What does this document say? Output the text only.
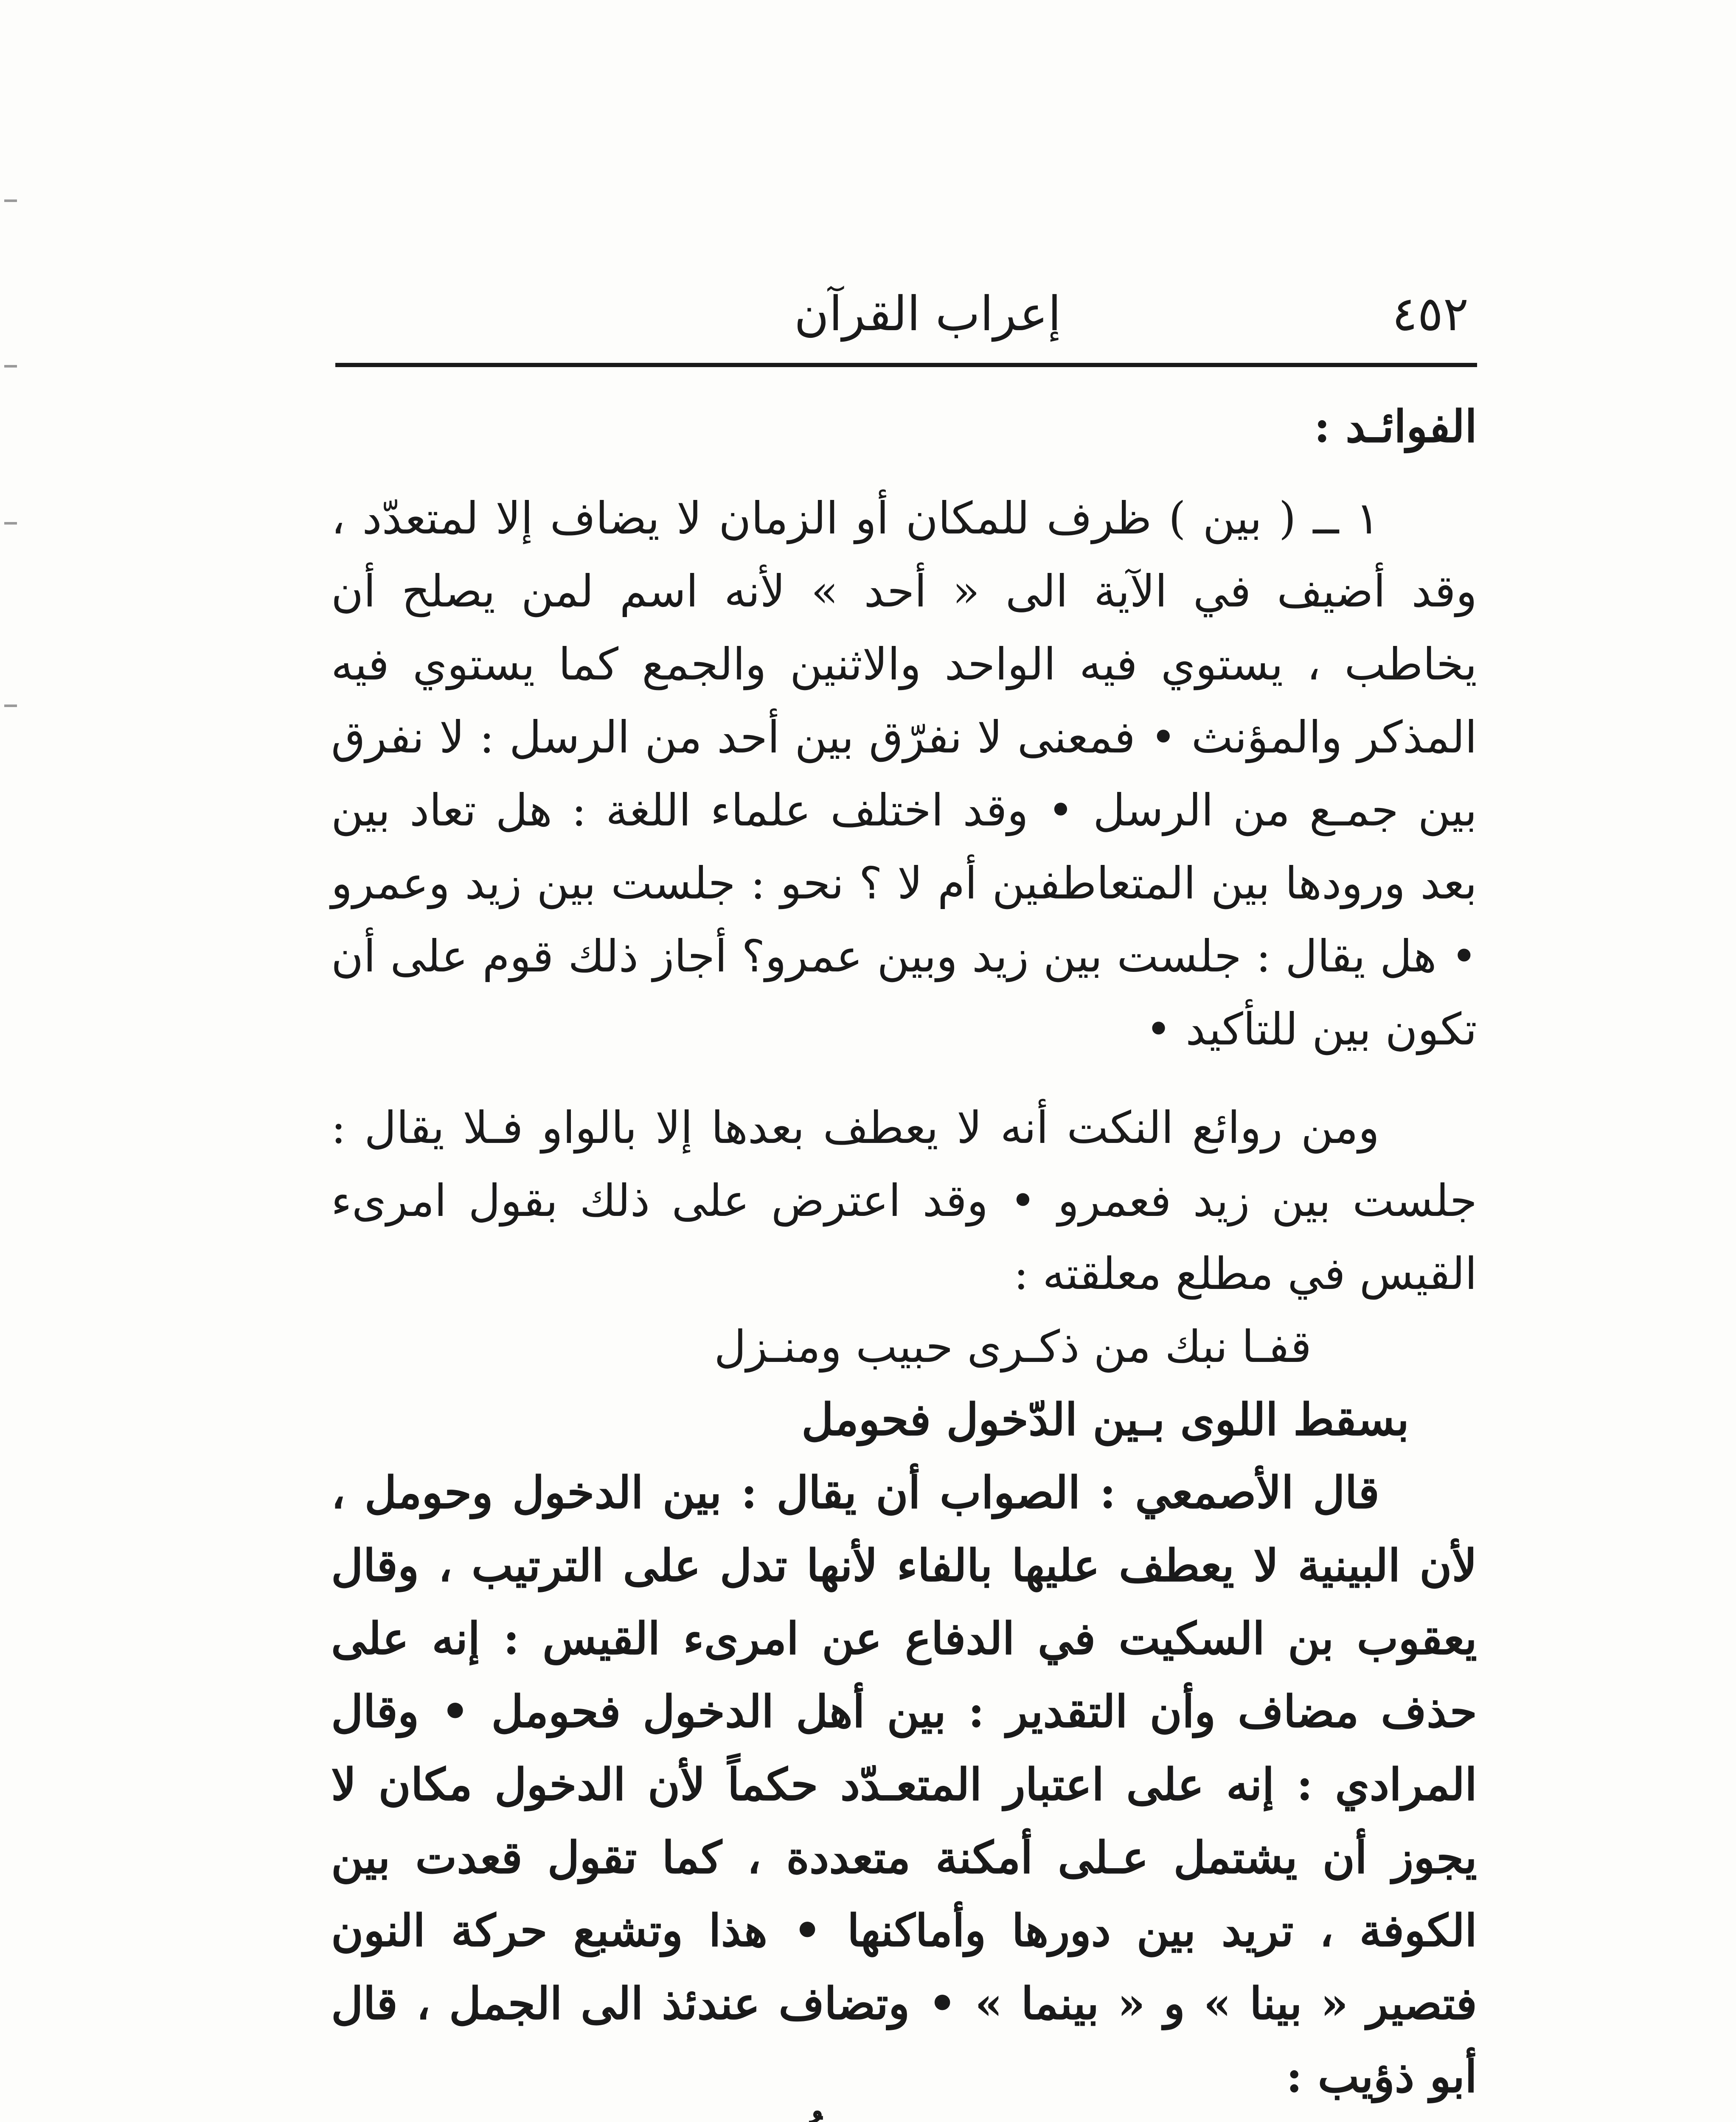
٤٥٢
إعراب القرآن
الفوائـد :

١ ــ ( بين ) ظرف للمكان أو الزمان لا يضاف إلا لمتعدّد ، وقد أضيف في الآية الى « أحد » لأنه اسم لمن يصلح أن يخاطب ، يستوي فيه الواحد والاثنين والجمع كما يستوي فيه المذكر والمؤنث • فمعنى لا نفرّق بين أحد من الرسل : لا نفرق بين جمـع من الرسل • وقد اختلف علماء اللغة : هل تعاد بين بعد ورودها بين المتعاطفين أم لا ؟ نحو : جلست بين زيد وعمرو • هل يقال : جلست بين زيد وبين عمرو؟ أجاز ذلك قوم على أن تكون بين للتأكيد •

ومن روائع النكت أنه لا يعطف بعدها إلا بالواو فـلا يقال : جلست بين زيد فعمرو • وقد اعترض على ذلك بقول امرىء القيس في مطلع معلقته :

قفـا نبك من ذكـرى حبيب ومنـزل

بسقط اللوى بـين الدّخول فحومل

قال الأصمعي : الصواب أن يقال : بين الدخول وحومل ، لأن البينية لا يعطف عليها بالفاء لأنها تدل على الترتيب ، وقال يعقوب بن السكيت في الدفاع عن امرىء القيس : إنه على حذف مضاف وأن التقدير : بين أهل الدخول فحومل • وقال المرادي : إنه على اعتبار المتعـدّد حكماً لأن الدخول مكان لا يجوز أن يشتمل عـلى أمكنة متعددة ، كما تقول قعدت بين الكوفة ، تريد بين دورها وأماكنها • هذا وتشبع حركة النون فتصير « بينا » و « بينما » • وتضاف عندئذ الى الجمل ، قال أبو ذؤيب :
